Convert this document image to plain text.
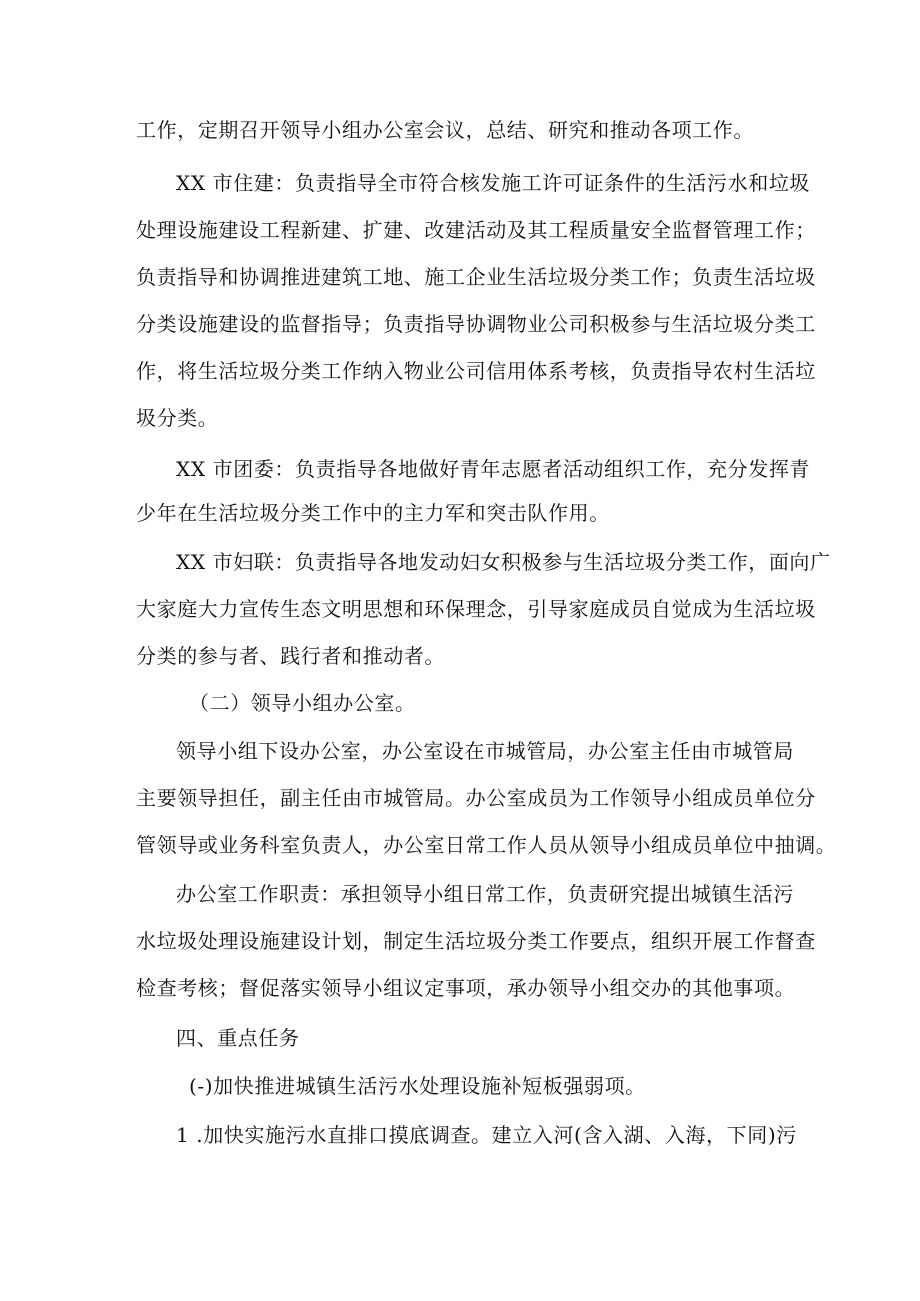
工作，定期召开领导小组办公室会议，总结、研究和推动各项工作。
XX 市住建：负责指导全市符合核发施工许可证条件的生活污水和垃圾
处理设施建设工程新建、扩建、改建活动及其工程质量安全监督管理工作；
负责指导和协调推进建筑工地、施工企业生活垃圾分类工作；负责生活垃圾
分类设施建设的监督指导；负责指导协调物业公司积极参与生活垃圾分类工
作，将生活垃圾分类工作纳入物业公司信用体系考核，负责指导农村生活垃
圾分类。
XX 市团委：负责指导各地做好青年志愿者活动组织工作，充分发挥青
少年在生活垃圾分类工作中的主力军和突击队作用。
XX 市妇联：负责指导各地发动妇女积极参与生活垃圾分类工作，面向广
大家庭大力宣传生态文明思想和环保理念，引导家庭成员自觉成为生活垃圾
分类的参与者、践行者和推动者。
（二）领导小组办公室。
领导小组下设办公室，办公室设在市城管局，办公室主任由市城管局
主要领导担任，副主任由市城管局。办公室成员为工作领导小组成员单位分
管领导或业务科室负责人，办公室日常工作人员从领导小组成员单位中抽调。
办公室工作职责：承担领导小组日常工作，负责研究提出城镇生活污
水垃圾处理设施建设计划，制定生活垃圾分类工作要点，组织开展工作督查
检查考核；督促落实领导小组议定事项，承办领导小组交办的其他事项。
四、重点任务
(-)加快推进城镇生活污水处理设施补短板强弱项。
1 .加快实施污水直排口摸底调查。建立入河(含入湖、入海，下同)污
